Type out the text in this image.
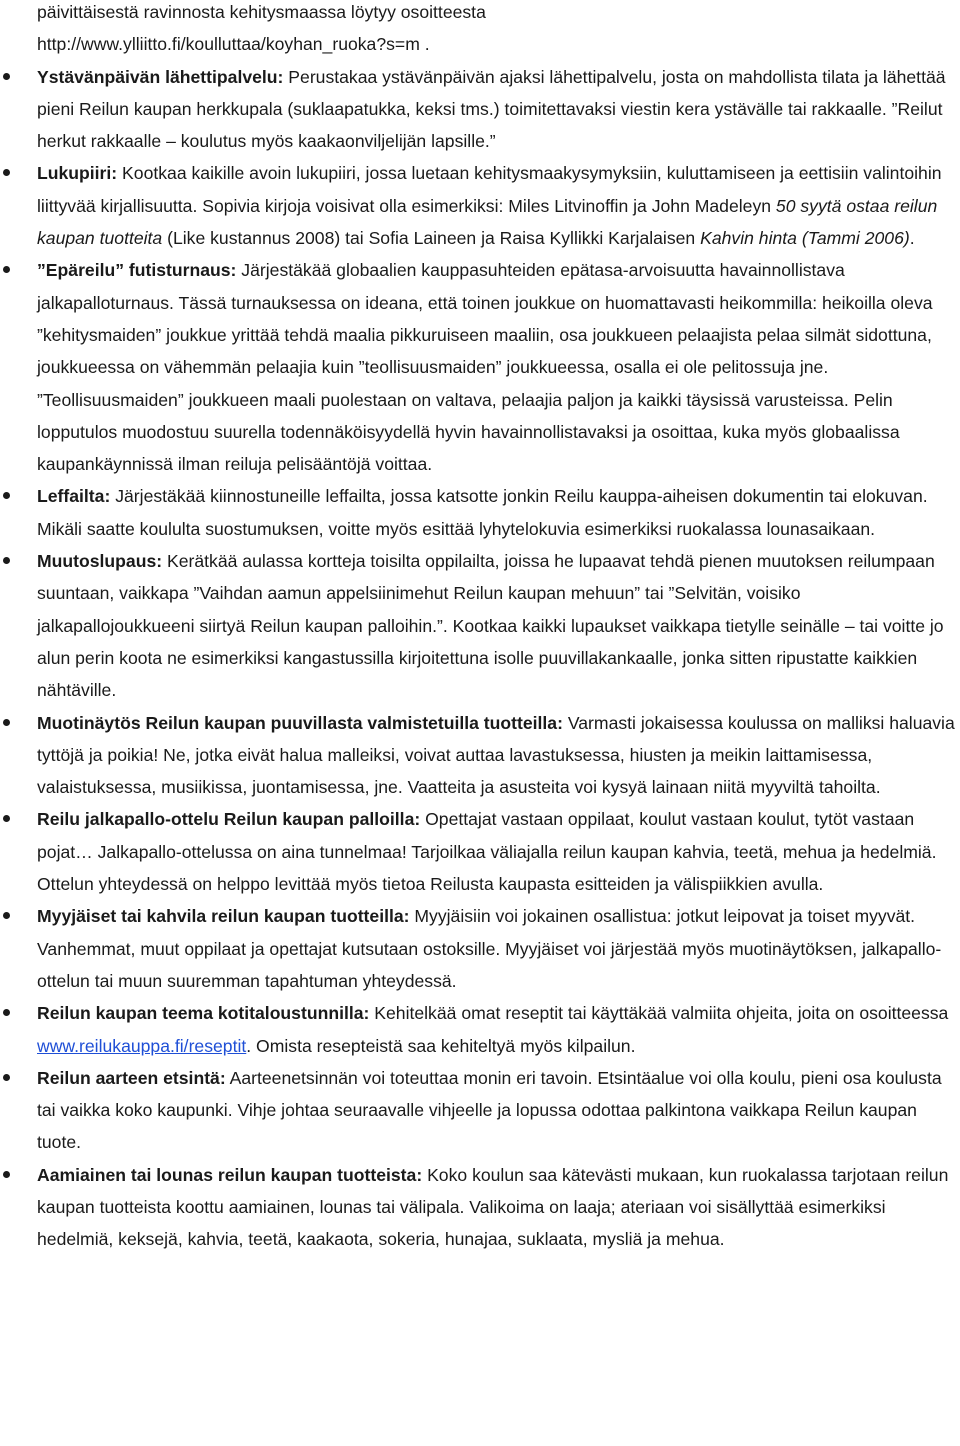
päivittäisestä ravinnosta kehitysmaassa löytyy osoitteesta
http://www.ylliitto.fi/koulluttaa/koyhan_ruoka?s=m .

Ystävänpäivän lähettipalvelu: Perustakaa ystävänpäivän ajaksi lähettipalvelu, josta on mahdollista tilata ja lähettää pieni Reilun kaupan herkkupala (suklaapatukka, keksi tms.) toimitettavaksi viestin kera ystävälle tai rakkaalle. ”Reilut herkut rakkaalle – koulutus myös kaakaonviljelijän lapsille.”
Lukupiiri: Kootkaa kaikille avoin lukupiiri, jossa luetaan kehitysmaakysymyksiin, kuluttamiseen ja eettisiin valintoihin liittyvää kirjallisuutta. Sopivia kirjoja voisivat olla esimerkiksi: Miles Litvinoffin ja John Madeleyn 50 syytä ostaa reilun kaupan tuotteita (Like kustannus 2008) tai Sofia Laineen ja Raisa Kyllikki Karjalaisen Kahvin hinta (Tammi 2006).
”Epäreilu” futisturnaus: Järjestäkää globaalien kauppasuhteiden epätasa-arvoisuutta havainnollistava jalkapalloturnaus. Tässä turnauksessa on ideana, että toinen joukkue on huomattavasti heikommilla: heikoilla oleva ”kehitysmaiden” joukkue yrittää tehdä maalia pikkuruiseen maaliin, osa joukkueen pelaajista pelaa silmät sidottuna, joukkueessa on vähemmän pelaajia kuin ”teollisuusmaiden” joukkueessa, osalla ei ole pelitossuja jne. ”Teollisuusmaiden” joukkueen maali puolestaan on valtava, pelaajia paljon ja kaikki täysissä varusteissa. Pelin lopputulos muodostuu suurella todennäköisyydellä hyvin havainnollistavaksi ja osoittaa, kuka myös globaalissa kaupankäynnissä ilman reiluja pelisääntöjä voittaa.
Leffailta: Järjestäkää kiinnostuneille leffailta, jossa katsotte jonkin Reilu kauppa-aiheisen dokumentin tai elokuvan. Mikäli saatte koululta suostumuksen, voitte myös esittää lyhytelokuvia esimerkiksi ruokalassa lounasaikaan.
Muutoslupaus: Kerätkää aulassa kortteja toisilta oppilailta, joissa he lupaavat tehdä pienen muutoksen reilumpaan suuntaan, vaikkapa ”Vaihdan aamun appelsiinimehut Reilun kaupan mehuun” tai ”Selvitän, voisiko jalkapallojoukkueeni siirtyä Reilun kaupan palloihin.”. Kootkaa kaikki lupaukset vaikkapa tietylle seinälle – tai voitte jo alun perin koota ne esimerkiksi kangastussilla kirjoitettuna isolle puuvillakankaalle, jonka sitten ripustatte kaikkien nähtäville.
Muotinäytös Reilun kaupan puuvillasta valmistetuilla tuotteilla: Varmasti jokaisessa koulussa on malliksi haluavia tyttöjä ja poikia! Ne, jotka eivät halua malleiksi, voivat auttaa lavastuksessa, hiusten ja meikin laittamisessa, valaistuksessa, musiikissa, juontamisessa, jne. Vaatteita ja asusteita voi kysyä lainaan niitä myyviltä tahoilta.
Reilu jalkapallo-ottelu Reilun kaupan palloilla: Opettajat vastaan oppilaat, koulut vastaan koulut, tytöt vastaan pojat… Jalkapallo-ottelussa on aina tunnelmaa! Tarjoilkaa väliajalla reilun kaupan kahvia, teetä, mehua ja hedelmiä. Ottelun yhteydessä on helppo levittää myös tietoa Reilusta kaupasta esitteiden ja välispiikkien avulla.
Myyjäiset tai kahvila reilun kaupan tuotteilla: Myyjäisiin voi jokainen osallistua: jotkut leipovat ja toiset myyvät. Vanhemmat, muut oppilaat ja opettajat kutsutaan ostoksille. Myyjäiset voi järjestää myös muotinäytöksen, jalkapallo-ottelun tai muun suuremman tapahtuman yhteydessä.
Reilun kaupan teema kotitaloustunnilla: Kehitelkää omat reseptit tai käyttäkää valmiita ohjeita, joita on osoitteessa www.reilukauppa.fi/reseptit. Omista resepteistä saa kehiteltyä myös kilpailun.
Reilun aarteen etsintä: Aarteenetsinnän voi toteuttaa monin eri tavoin. Etsintäalue voi olla koulu, pieni osa koulusta tai vaikka koko kaupunki. Vihje johtaa seuraavalle vihjeelle ja lopussa odottaa palkintona vaikkapa Reilun kaupan tuote.
Aamiainen tai lounas reilun kaupan tuotteista: Koko koulun saa kätevästi mukaan, kun ruokalassa tarjotaan reilun kaupan tuotteista koottu aamiainen, lounas tai välipala. Valikoima on laaja; ateriaan voi sisällyttää esimerkiksi hedelmiä, keksejä, kahvia, teetä, kaakaota, sokeria, hunajaa, suklaata, mysliä ja mehua.
